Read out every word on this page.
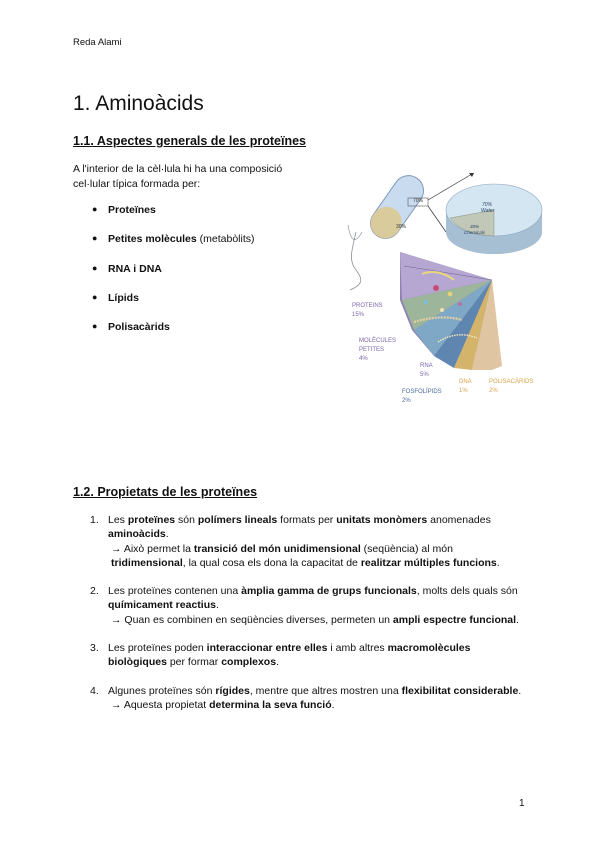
Reda Alami
1. Aminoàcids
1.1. Aspectes generals de les proteïnes
A l'interior de la cèl·lula hi ha una composició cel·lular típica formada per:
● Proteïnes
● Petites molècules (metabòlits)
● RNA i DNA
● Lípids
● Polisacàrids
70%
30%
70%
Water
30%
Chemicals
PROTEINS
15%
MOLÈCULES
PETITES
4%
RNA
5%
DNA
1%
POLISACÀRIDS
2%
FOSFOLÍPIDS
2%
1.2. Propietats de les proteïnes
1. Les proteïnes són polímers lineals formats per unitats monòmers anomenades aminoàcids.
→ Això permet la transició del món unidimensional (seqüència) al món tridimensional, la qual cosa els dona la capacitat de realitzar múltiples funcions.
2. Les proteïnes contenen una àmplia gamma de grups funcionals, molts dels quals són químicament reactius.
→ Quan es combinen en seqüències diverses, permeten un ampli espectre funcional.
3. Les proteïnes poden interaccionar entre elles i amb altres macromolècules biològiques per formar complexos.
4. Algunes proteïnes són rígides, mentre que altres mostren una flexibilitat considerable.
→ Aquesta propietat determina la seva funció.
1
